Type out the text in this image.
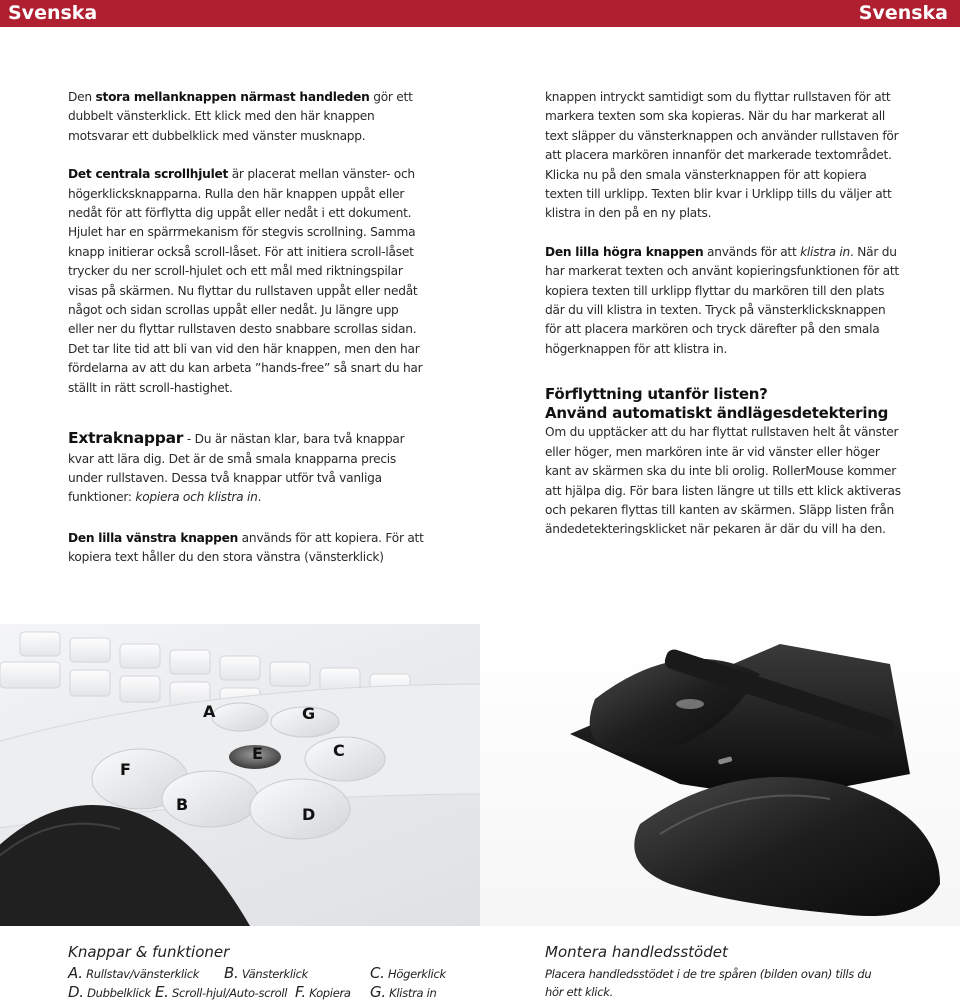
Svenska	Svenska

Den stora mellanknappen närmast handleden gör ett dubbelt vänsterklick. Ett klick med den här knappen motsvarar ett dubbelklick med vänster musknapp.

Det centrala scrollhjulet är placerat mellan vänster- och högerklicksknapparna. Rulla den här knappen uppåt eller nedåt för att förflytta dig uppåt eller nedåt i ett dokument. Hjulet har en spärrmekanism för stegvis scrollning. Samma knapp initierar också scroll-låset. För att initiera scroll-låset trycker du ner scroll-hjulet och ett mål med riktningspilar visas på skärmen. Nu flyttar du rullstaven uppåt eller nedåt något och sidan scrollas uppåt eller nedåt. Ju längre upp eller ner du flyttar rullstaven desto snabbare scrollas sidan. Det tar lite tid att bli van vid den här knappen, men den har fördelarna av att du kan arbeta ”hands-free” så snart du har ställt in rätt scroll-hastighet.

Extraknappar - Du är nästan klar, bara två knappar kvar att lära dig. Det är de små smala knapparna precis under rullstaven. Dessa två knappar utför två vanliga funktioner: kopiera och klistra in.

Den lilla vänstra knappen används för att kopiera. För att kopiera text håller du den stora vänstra (vänsterklick)

knappen intryckt samtidigt som du flyttar rullstaven för att markera texten som ska kopieras. När du har markerat all text släpper du vänsterknappen och använder rullstaven för att placera markören innanför det markerade textområdet. Klicka nu på den smala vänsterknappen för att kopiera texten till urklipp. Texten blir kvar i Urklipp tills du väljer att klistra in den på en ny plats.

Den lilla högra knappen används för att klistra in. När du har markerat texten och använt kopieringsfunktionen för att kopiera texten till urklipp flyttar du markören till den plats där du vill klistra in texten. Tryck på vänsterklicksknappen för att placera markören och tryck därefter på den smala högerknappen för att klistra in.

Förflyttning utanför listen?
Använd automatiskt ändlägesdetektering

Om du upptäcker att du har flyttat rullstaven helt åt vänster eller höger, men markören inte är vid vänster eller höger kant av skärmen ska du inte bli orolig. RollerMouse kommer att hjälpa dig. För bara listen längre ut tills ett klick aktiveras och pekaren flyttas till kanten av skärmen. Släpp listen från ändedetekteringsklicket när pekaren är där du vill ha den.

A	G
E	C
F
B
D
Knappar & funktioner
A. Rullstav/vänsterklick B. Vänsterklick	C. Högerklick
D. Dubbelklick E. Scroll-hjul/Auto-scroll F. Kopiera G. Klistra in
Montera handledsstödet
Placera handledsstödet i de tre spåren (bilden ovan) tills du hör ett klick.
